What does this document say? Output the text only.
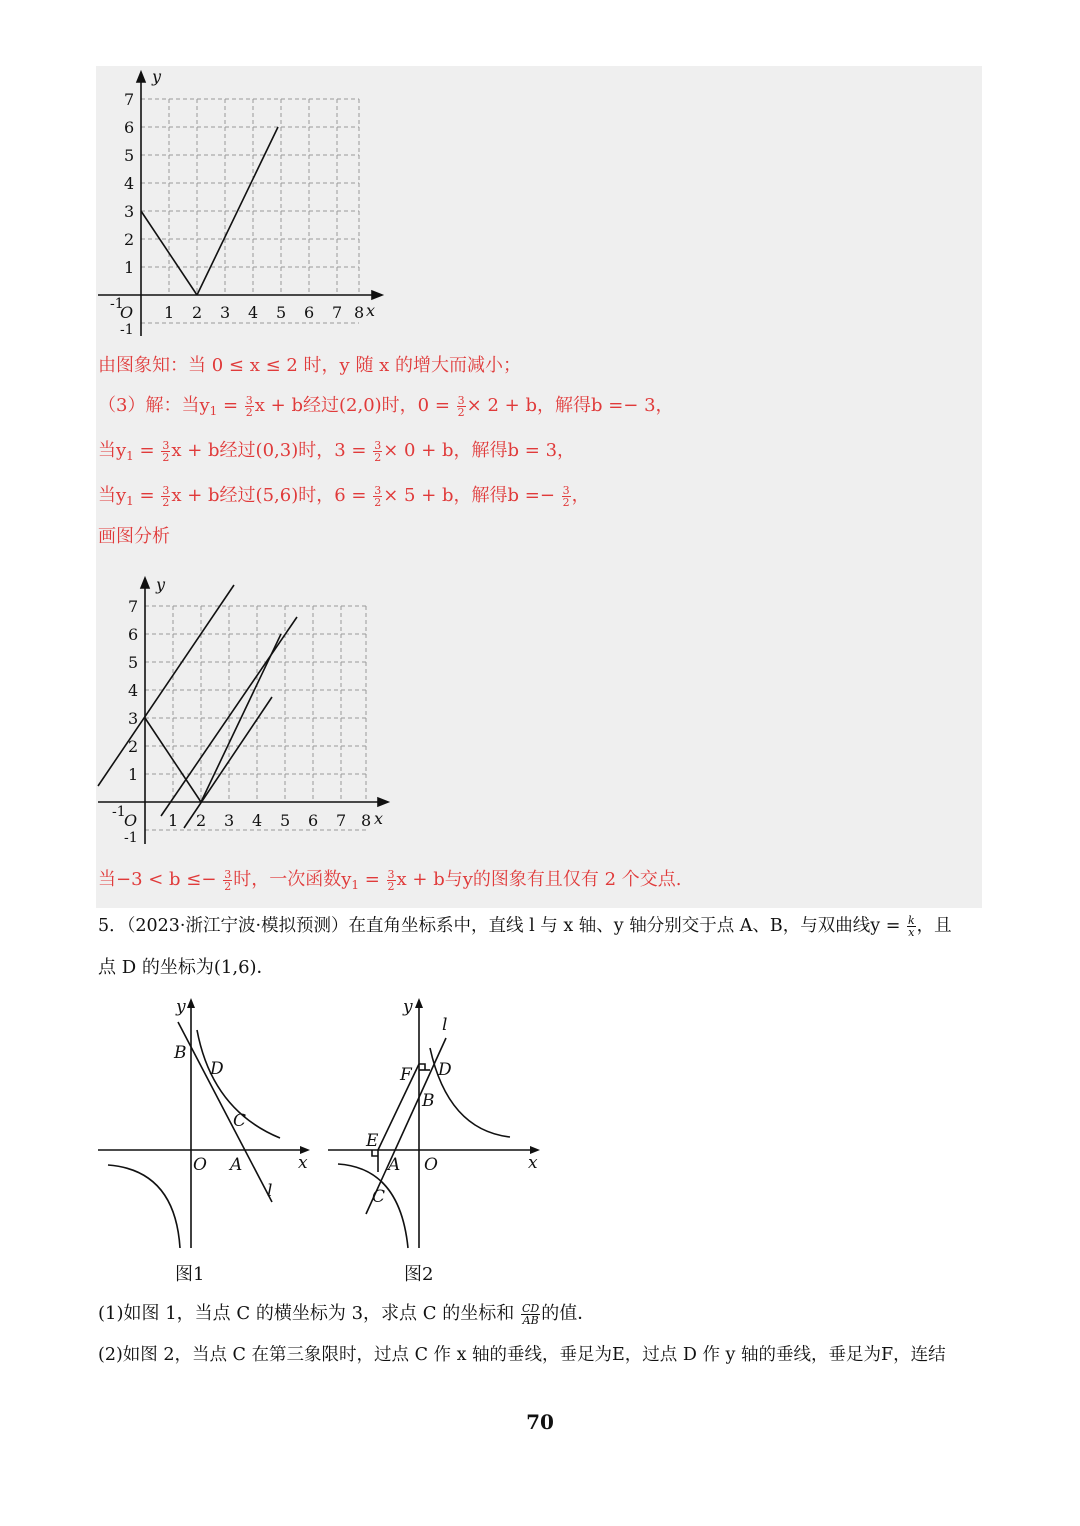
x
y
O
-1
-1
1 2 3 4 5 6 7 8
1
2
3
4
5
6
7
由图象知：当 0 ≤ x ≤ 2 时，y 随 x 的增大而减小；
（3）解：当$y_1 = \frac{3}{2}$ x + b经过(2,0)时，$0 = \frac{3}{2} \times 2 + b$，解得b =− 3，
当$y_1 = \frac{3}{2}$ x + b经过(0,3)时，$3 = \frac{3}{2} \times 0 + b$，解得b = 3，
当$y_1 = \frac{3}{2}$ x + b经过(5,6)时，$6 = \frac{3}{2} \times 5 + b$，解得$b =- \frac{3}{2}$ ，
画图分析
x
y
O
-1
-1
1 2 3 4 5 6 7 8
1
2
3
4
5
6
7
当$-3 < b \le- \frac{3}{2}$ 时，一次函数$y_1 = \frac{3}{2}$ x + b与y的图象有且仅有 2 个交点.
5．（2023·浙江宁波·模拟预测）在直角坐标系中，直线 l 与 x 轴、y 轴分别交于点 A、B，与双曲线$y = \frac{k}{x}$ ，且
点 D 的坐标为(1,6)．
y
B
D
C
O A	x
l
图1
y
l
F D
B
E
A O	x
C
图2
(1)如图 1，当点 C 的横坐标为 3，求点 C 的坐标和 $\frac{CD}{AB}$ 的值．
(2)如图 2，当点 C 在第三象限时，过点 C 作 x 轴的垂线，垂足为E，过点 D 作 y 轴的垂线，垂足为F，连结
70
